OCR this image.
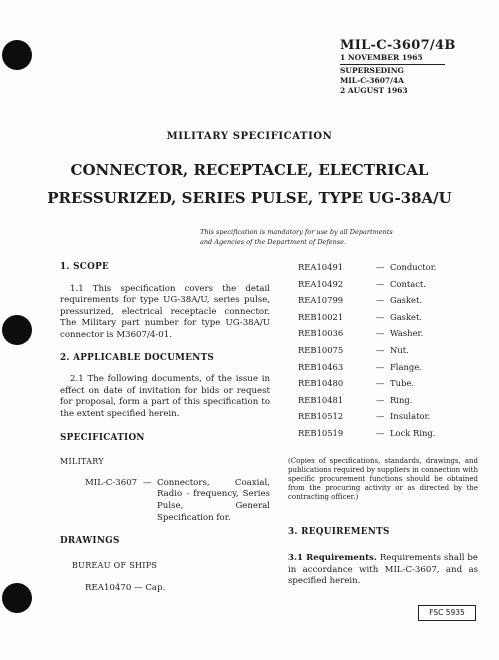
MIL-C-3607/4B
1 NOVEMBER 1965
SUPERSEDING
MIL-C-3607/4A
2 AUGUST 1963
MILITARY SPECIFICATION
CONNECTOR, RECEPTACLE, ELECTRICAL
PRESSURIZED, SERIES PULSE, TYPE UG-38A/U
This specification is mandatory for use by all Departments and Agencies of the Department of Defense.

1. SCOPE

1.1 This specification covers the detail requirements for type UG-38A/U, series pulse, pressurized, electrical receptacle connector. The Military part number for type UG-38A/U connector is M3607/4-01.

2. APPLICABLE DOCUMENTS

2.1 The following documents, of the issue in effect on date of invitation for bids or request for proposal, form a part of this specification to the extent specified herein.

SPECIFICATION

MILITARY

MIL-C-3607 — Connectors, Coaxial, Radio - frequency, Series Pulse, General Specification for.

DRAWINGS

BUREAU OF SHIPS

REA10470 — Cap.

REA10491	— Conductor.
REA10492	— Contact.
REA10799	— Gasket.
REB10021	— Gasket.
REB10036	— Washer.
REB10075	— Nut.
REB10463	— Flange.
REB10480	— Tube.
REB10481	— Ring.
REB10512	— Insulator.
REB10519	— Lock Ring.

(Copies of specifications, standards, drawings, and publications required by suppliers in connection with specific procurement functions should be obtained from the procuring activity or as directed by the contracting officer.)

3. REQUIREMENTS

3.1 Requirements. Requirements shall be in accordance with MIL-C-3607, and as specified herein.

FSC 5935
